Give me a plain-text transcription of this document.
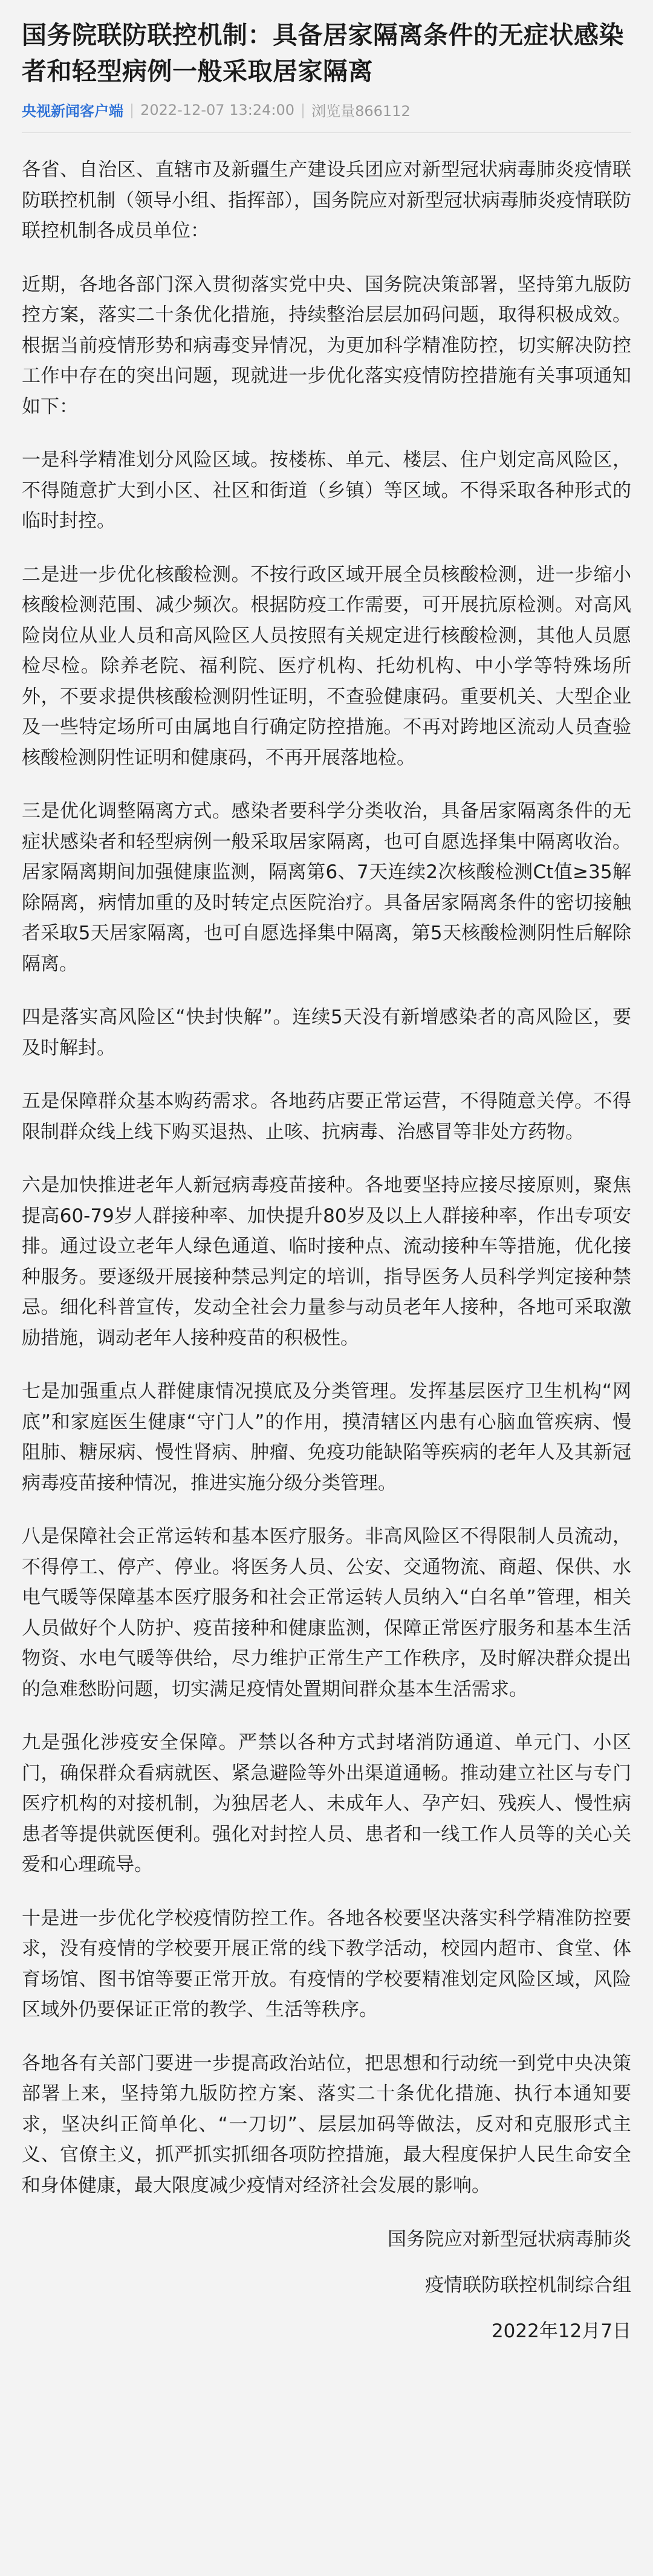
国务院联防联控机制：具备居家隔离条件的无症状感染者和轻型病例一般采取居家隔离
央视新闻客户端 | 2022-12-07 13:24:00 | 浏览量866112

各省、自治区、直辖市及新疆生产建设兵团应对新型冠状病毒肺炎疫情联防联控机制（领导小组、指挥部），国务院应对新型冠状病毒肺炎疫情联防联控机制各成员单位：

近期，各地各部门深入贯彻落实党中央、国务院决策部署，坚持第九版防控方案，落实二十条优化措施，持续整治层层加码问题，取得积极成效。根据当前疫情形势和病毒变异情况，为更加科学精准防控，切实解决防控工作中存在的突出问题，现就进一步优化落实疫情防控措施有关事项通知如下：

一是科学精准划分风险区域。按楼栋、单元、楼层、住户划定高风险区，不得随意扩大到小区、社区和街道（乡镇）等区域。不得采取各种形式的临时封控。

二是进一步优化核酸检测。不按行政区域开展全员核酸检测，进一步缩小核酸检测范围、减少频次。根据防疫工作需要，可开展抗原检测。对高风险岗位从业人员和高风险区人员按照有关规定进行核酸检测，其他人员愿检尽检。除养老院、福利院、医疗机构、托幼机构、中小学等特殊场所外，不要求提供核酸检测阴性证明，不查验健康码。重要机关、大型企业及一些特定场所可由属地自行确定防控措施。不再对跨地区流动人员查验核酸检测阴性证明和健康码，不再开展落地检。

三是优化调整隔离方式。感染者要科学分类收治，具备居家隔离条件的无症状感染者和轻型病例一般采取居家隔离，也可自愿选择集中隔离收治。居家隔离期间加强健康监测，隔离第6、7天连续2次核酸检测Ct值≥35解除隔离，病情加重的及时转定点医院治疗。具备居家隔离条件的密切接触者采取5天居家隔离，也可自愿选择集中隔离，第5天核酸检测阴性后解除隔离。

四是落实高风险区“快封快解”。连续5天没有新增感染者的高风险区，要及时解封。

五是保障群众基本购药需求。各地药店要正常运营，不得随意关停。不得限制群众线上线下购买退热、止咳、抗病毒、治感冒等非处方药物。

六是加快推进老年人新冠病毒疫苗接种。各地要坚持应接尽接原则，聚焦提高60-79岁人群接种率、加快提升80岁及以上人群接种率，作出专项安排。通过设立老年人绿色通道、临时接种点、流动接种车等措施，优化接种服务。要逐级开展接种禁忌判定的培训，指导医务人员科学判定接种禁忌。细化科普宣传，发动全社会力量参与动员老年人接种，各地可采取激励措施，调动老年人接种疫苗的积极性。

七是加强重点人群健康情况摸底及分类管理。发挥基层医疗卫生机构“网底”和家庭医生健康“守门人”的作用，摸清辖区内患有心脑血管疾病、慢阻肺、糖尿病、慢性肾病、肿瘤、免疫功能缺陷等疾病的老年人及其新冠病毒疫苗接种情况，推进实施分级分类管理。

八是保障社会正常运转和基本医疗服务。非高风险区不得限制人员流动，不得停工、停产、停业。将医务人员、公安、交通物流、商超、保供、水电气暖等保障基本医疗服务和社会正常运转人员纳入“白名单”管理，相关人员做好个人防护、疫苗接种和健康监测，保障正常医疗服务和基本生活物资、水电气暖等供给，尽力维护正常生产工作秩序，及时解决群众提出的急难愁盼问题，切实满足疫情处置期间群众基本生活需求。

九是强化涉疫安全保障。严禁以各种方式封堵消防通道、单元门、小区门，确保群众看病就医、紧急避险等外出渠道通畅。推动建立社区与专门医疗机构的对接机制，为独居老人、未成年人、孕产妇、残疾人、慢性病患者等提供就医便利。强化对封控人员、患者和一线工作人员等的关心关爱和心理疏导。

十是进一步优化学校疫情防控工作。各地各校要坚决落实科学精准防控要求，没有疫情的学校要开展正常的线下教学活动，校园内超市、食堂、体育场馆、图书馆等要正常开放。有疫情的学校要精准划定风险区域，风险区域外仍要保证正常的教学、生活等秩序。

各地各有关部门要进一步提高政治站位，把思想和行动统一到党中央决策部署上来，坚持第九版防控方案、落实二十条优化措施、执行本通知要求，坚决纠正简单化、“一刀切”、层层加码等做法，反对和克服形式主义、官僚主义，抓严抓实抓细各项防控措施，最大程度保护人民生命安全和身体健康，最大限度减少疫情对经济社会发展的影响。

国务院应对新型冠状病毒肺炎
疫情联防联控机制综合组
2022年12月7日
